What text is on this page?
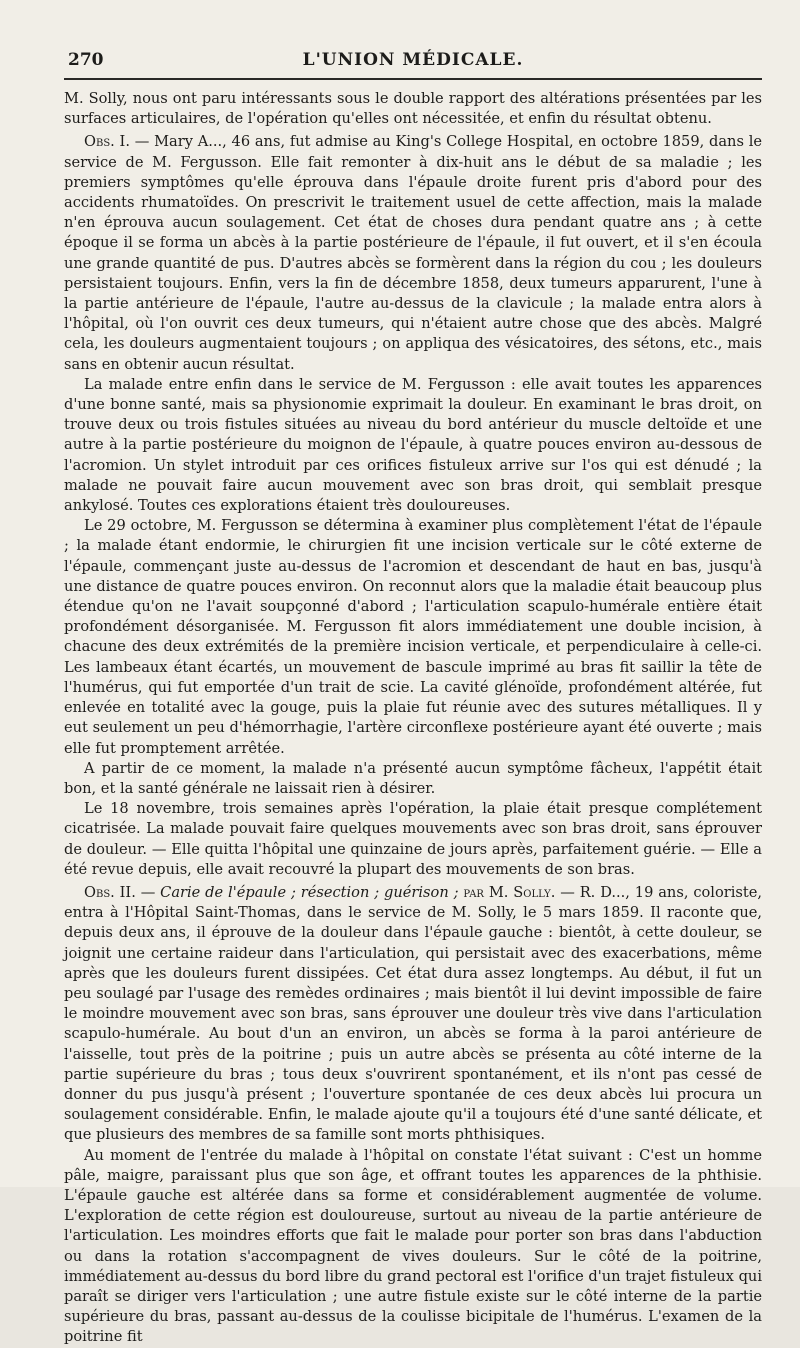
270	L'UNION MÉDICALE.

M. Solly, nous ont paru intéressants sous le double rapport des altérations présentées par les surfaces articulaires, de l'opération qu'elles ont nécessitée, et enfin du résultat obtenu.

Obs. I. — Mary A..., 46 ans, fut admise au King's College Hospital, en octobre 1859, dans le service de M. Fergusson. Elle fait remonter à dix-huit ans le début de sa maladie ; les premiers symptômes qu'elle éprouva dans l'épaule droite furent pris d'abord pour des accidents rhumatoïdes. On prescrivit le traitement usuel de cette affection, mais la malade n'en éprouva aucun soulagement. Cet état de choses dura pendant quatre ans ; à cette époque il se forma un abcès à la partie postérieure de l'épaule, il fut ouvert, et il s'en écoula une grande quantité de pus. D'autres abcès se formèrent dans la région du cou ; les douleurs persistaient toujours. Enfin, vers la fin de décembre 1858, deux tumeurs apparurent, l'une à la partie antérieure de l'épaule, l'autre au-dessus de la clavicule ; la malade entra alors à l'hôpital, où l'on ouvrit ces deux tumeurs, qui n'étaient autre chose que des abcès. Malgré cela, les douleurs augmentaient toujours ; on appliqua des vésicatoires, des sétons, etc., mais sans en obtenir aucun résultat.

La malade entre enfin dans le service de M. Fergusson : elle avait toutes les apparences d'une bonne santé, mais sa physionomie exprimait la douleur. En examinant le bras droit, on trouve deux ou trois fistules situées au niveau du bord antérieur du muscle deltoïde et une autre à la partie postérieure du moignon de l'épaule, à quatre pouces environ au-dessous de l'acromion. Un stylet introduit par ces orifices fistuleux arrive sur l'os qui est dénudé ; la malade ne pouvait faire aucun mouvement avec son bras droit, qui semblait presque ankylosé. Toutes ces explorations étaient très douloureuses.

Le 29 octobre, M. Fergusson se détermina à examiner plus complètement l'état de l'épaule ; la malade étant endormie, le chirurgien fit une incision verticale sur le côté externe de l'épaule, commençant juste au-dessus de l'acromion et descendant de haut en bas, jusqu'à une distance de quatre pouces environ. On reconnut alors que la maladie était beaucoup plus étendue qu'on ne l'avait soupçonné d'abord ; l'articulation scapulo-humérale entière était profondément désorganisée. M. Fergusson fit alors immédiatement une double incision, à chacune des deux extrémités de la première incision verticale, et perpendiculaire à celle-ci. Les lambeaux étant écartés, un mouvement de bascule imprimé au bras fit saillir la tête de l'humérus, qui fut emportée d'un trait de scie. La cavité glénoïde, profondément altérée, fut enlevée en totalité avec la gouge, puis la plaie fut réunie avec des sutures métalliques. Il y eut seulement un peu d'hémorrhagie, l'artère circonflexe postérieure ayant été ouverte ; mais elle fut promptement arrêtée.

A partir de ce moment, la malade n'a présenté aucun symptôme fâcheux, l'appétit était bon, et la santé générale ne laissait rien à désirer.

Le 18 novembre, trois semaines après l'opération, la plaie était presque complétement cicatrisée. La malade pouvait faire quelques mouvements avec son bras droit, sans éprouver de douleur. — Elle quitta l'hôpital une quinzaine de jours après, parfaitement guérie. — Elle a été revue depuis, elle avait recouvré la plupart des mouvements de son bras.

Obs. II. — Carie de l'épaule ; résection ; guérison ; par M. Solly. — R. D..., 19 ans, coloriste, entra à l'Hôpital Saint-Thomas, dans le service de M. Solly, le 5 mars 1859. Il raconte que, depuis deux ans, il éprouve de la douleur dans l'épaule gauche : bientôt, à cette douleur, se joignit une certaine raideur dans l'articulation, qui persistait avec des exacerbations, même après que les douleurs furent dissipées. Cet état dura assez longtemps. Au début, il fut un peu soulagé par l'usage des remèdes ordinaires ; mais bientôt il lui devint impossible de faire le moindre mouvement avec son bras, sans éprouver une douleur très vive dans l'articulation scapulo-humérale. Au bout d'un an environ, un abcès se forma à la paroi antérieure de l'aisselle, tout près de la poitrine ; puis un autre abcès se présenta au côté interne de la partie supérieure du bras ; tous deux s'ouvrirent spontanément, et ils n'ont pas cessé de donner du pus jusqu'à présent ; l'ouverture spontanée de ces deux abcès lui procura un soulagement considérable. Enfin, le malade ajoute qu'il a toujours été d'une santé délicate, et que plusieurs des membres de sa famille sont morts phthisiques.

Au moment de l'entrée du malade à l'hôpital on constate l'état suivant : C'est un homme pâle, maigre, paraissant plus que son âge, et offrant toutes les apparences de la phthisie. L'épaule gauche est altérée dans sa forme et considérablement augmentée de volume. L'exploration de cette région est douloureuse, surtout au niveau de la partie antérieure de l'articulation. Les moindres efforts que fait le malade pour porter son bras dans l'abduction ou dans la rotation s'accompagnent de vives douleurs. Sur le côté de la poitrine, immédiatement au-dessus du bord libre du grand pectoral est l'orifice d'un trajet fistuleux qui paraît se diriger vers l'articulation ; une autre fistule existe sur le côté interne de la partie supérieure du bras, passant au-dessus de la coulisse bicipitale de l'humérus. L'examen de la poitrine fit
